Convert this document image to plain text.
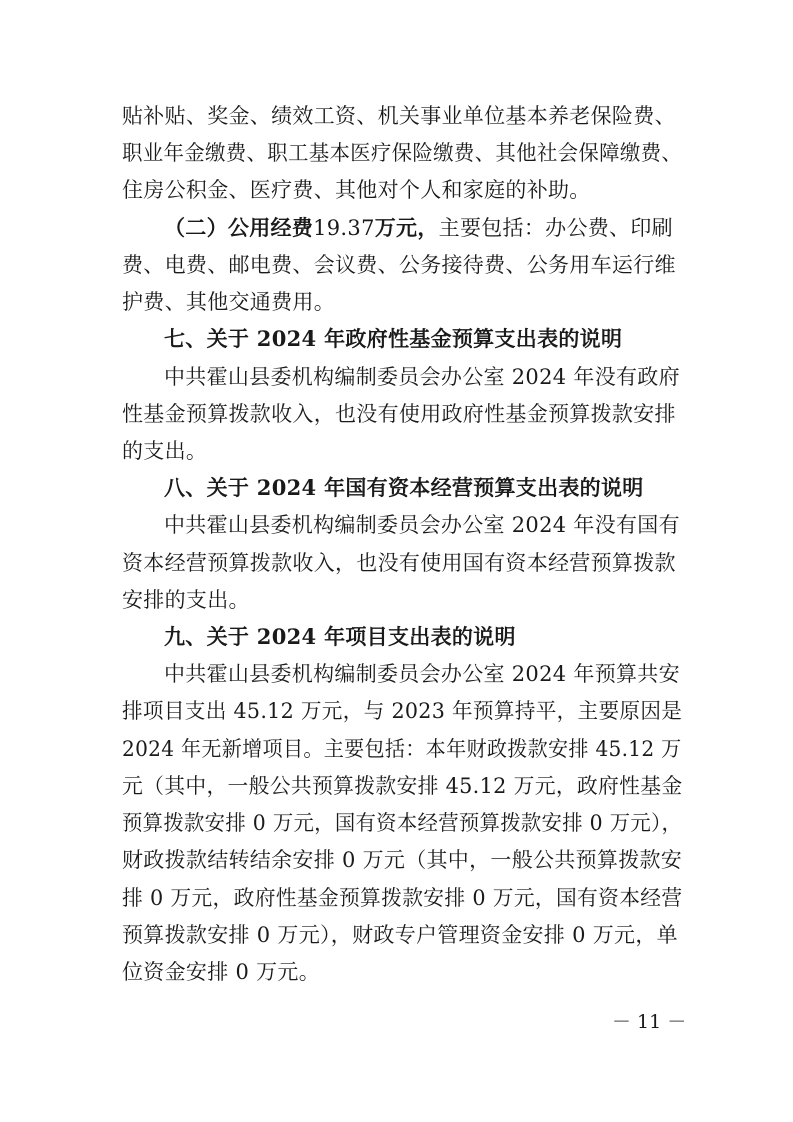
贴补贴、奖金、绩效工资、机关事业单位基本养老保险费、
职业年金缴费、职工基本医疗保险缴费、其他社会保障缴费、
住房公积金、医疗费、其他对个人和家庭的补助。
（二）公用经费19.37万元，主要包括：办公费、印刷
费、电费、邮电费、会议费、公务接待费、公务用车运行维
护费、其他交通费用。
七、关于 2024 年政府性基金预算支出表的说明
中共霍山县委机构编制委员会办公室 2024 年没有政府
性基金预算拨款收入，也没有使用政府性基金预算拨款安排
的支出。
八、关于 2024 年国有资本经营预算支出表的说明
中共霍山县委机构编制委员会办公室 2024 年没有国有
资本经营预算拨款收入，也没有使用国有资本经营预算拨款
安排的支出。
九、关于 2024 年项目支出表的说明
中共霍山县委机构编制委员会办公室 2024 年预算共安
排项目支出 45.12 万元，与 2023 年预算持平，主要原因是
2024 年无新增项目。主要包括：本年财政拨款安排 45.12 万
元（其中，一般公共预算拨款安排 45.12 万元，政府性基金
预算拨款安排 0 万元，国有资本经营预算拨款安排 0 万元），
财政拨款结转结余安排 0 万元（其中，一般公共预算拨款安
排 0 万元，政府性基金预算拨款安排 0 万元，国有资本经营
预算拨款安排 0 万元），财政专户管理资金安排 0 万元，单
位资金安排 0 万元。
－ 11 －
